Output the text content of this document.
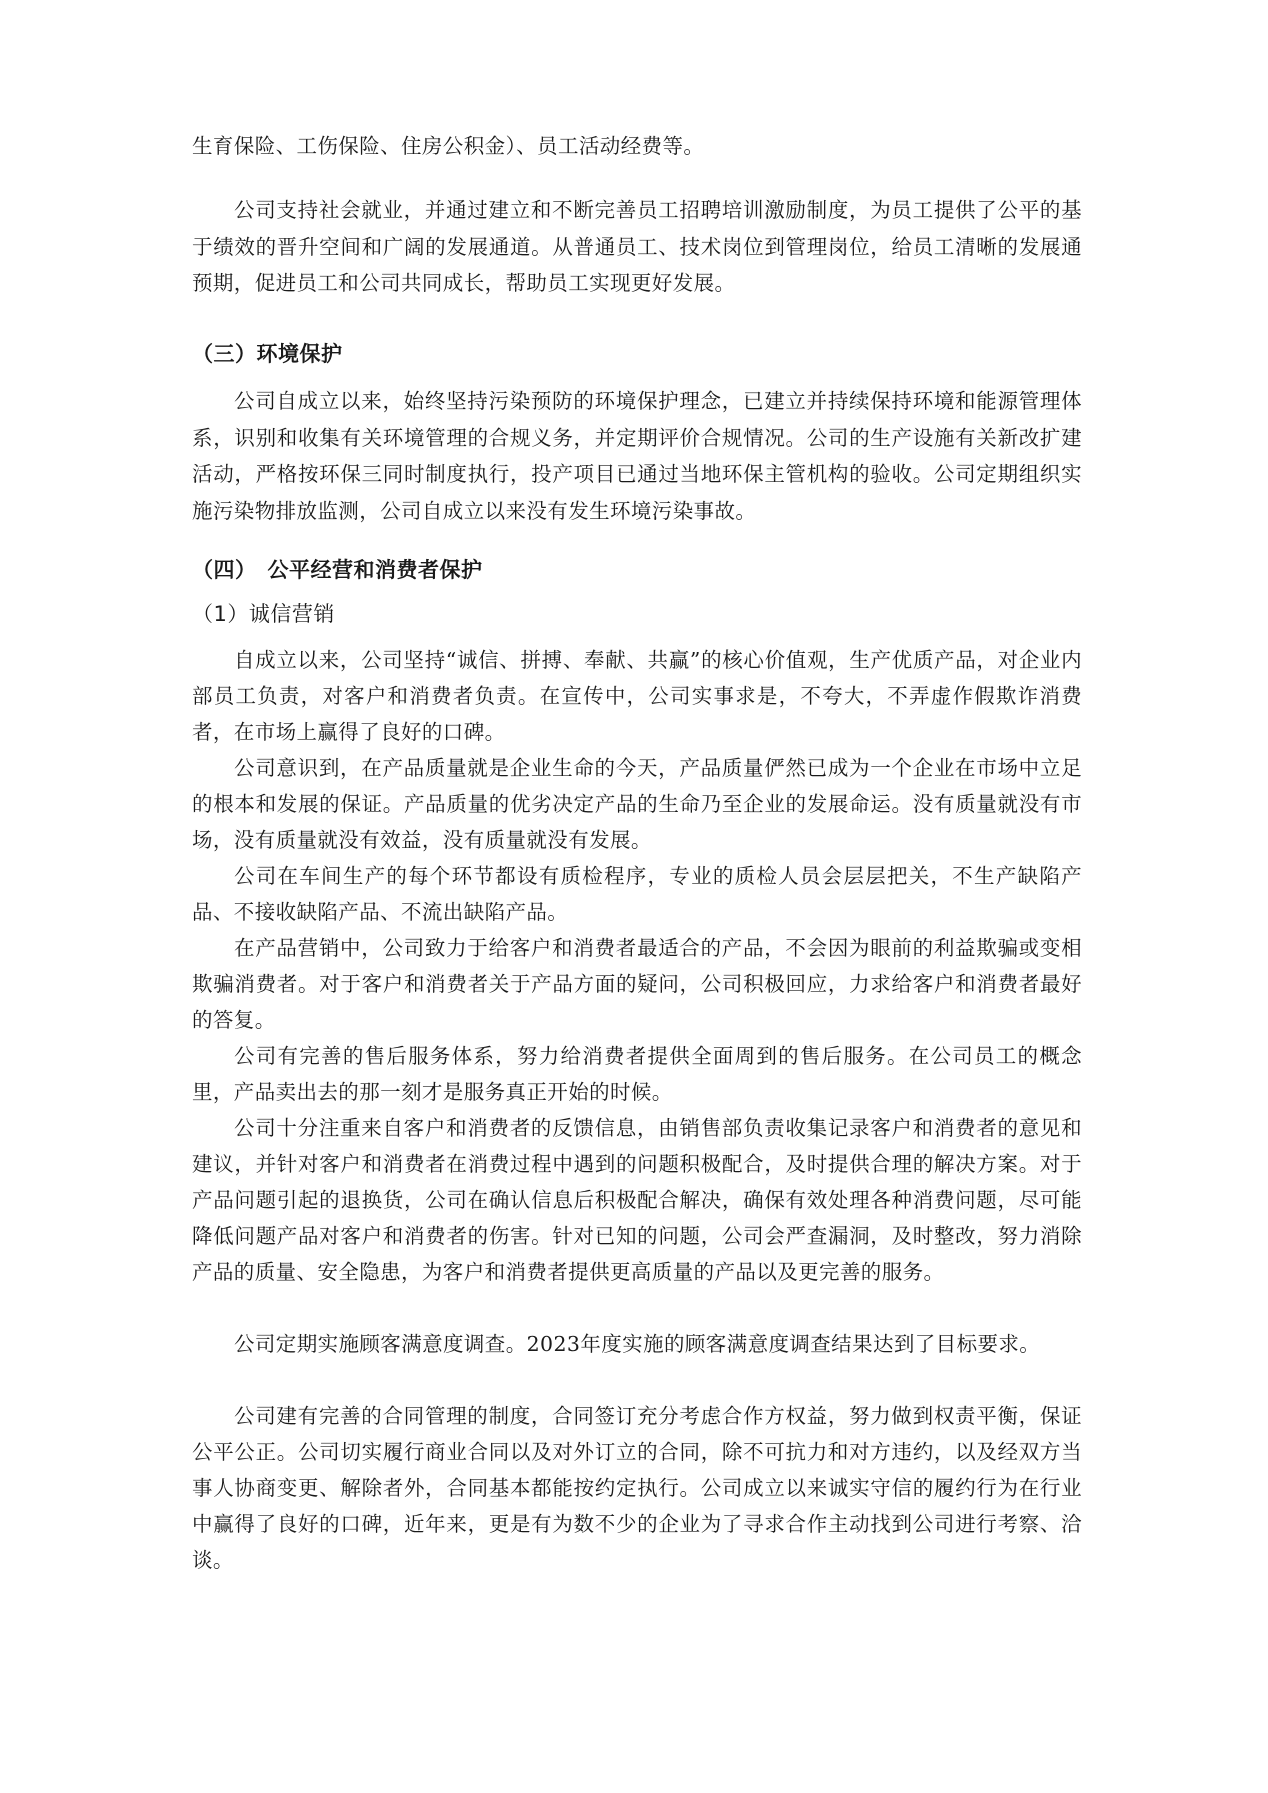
生育保险、工伤保险、住房公积金）、员工活动经费等。

公司支持社会就业，并通过建立和不断完善员工招聘培训激励制度，为员工提供了公平的基于绩效的晋升空间和广阔的发展通道。从普通员工、技术岗位到管理岗位，给员工清晰的发展通预期，促进员工和公司共同成长，帮助员工实现更好发展。

（三）环境保护

公司自成立以来，始终坚持污染预防的环境保护理念，已建立并持续保持环境和能源管理体系，识别和收集有关环境管理的合规义务，并定期评价合规情况。公司的生产设施有关新改扩建活动，严格按环保三同时制度执行，投产项目已通过当地环保主管机构的验收。公司定期组织实施污染物排放监测，公司自成立以来没有发生环境污染事故。

（四）　公平经营和消费者保护
（1）诚信营销

自成立以来，公司坚持“诚信、拼搏、奉献、共赢”的核心价值观，生产优质产品，对企业内部员工负责，对客户和消费者负责。在宣传中，公司实事求是，不夸大，不弄虚作假欺诈消费者，在市场上赢得了良好的口碑。

公司意识到，在产品质量就是企业生命的今天，产品质量俨然已成为一个企业在市场中立足的根本和发展的保证。产品质量的优劣决定产品的生命乃至企业的发展命运。没有质量就没有市场，没有质量就没有效益，没有质量就没有发展。

公司在车间生产的每个环节都设有质检程序，专业的质检人员会层层把关，不生产缺陷产品、不接收缺陷产品、不流出缺陷产品。

在产品营销中，公司致力于给客户和消费者最适合的产品，不会因为眼前的利益欺骗或变相欺骗消费者。对于客户和消费者关于产品方面的疑问，公司积极回应，力求给客户和消费者最好的答复。

公司有完善的售后服务体系，努力给消费者提供全面周到的售后服务。在公司员工的概念里，产品卖出去的那一刻才是服务真正开始的时候。

公司十分注重来自客户和消费者的反馈信息，由销售部负责收集记录客户和消费者的意见和建议，并针对客户和消费者在消费过程中遇到的问题积极配合，及时提供合理的解决方案。对于产品问题引起的退换货，公司在确认信息后积极配合解决，确保有效处理各种消费问题，尽可能降低问题产品对客户和消费者的伤害。针对已知的问题，公司会严查漏洞，及时整改，努力消除产品的质量、安全隐患，为客户和消费者提供更高质量的产品以及更完善的服务。

公司定期实施顾客满意度调查。2023年度实施的顾客满意度调查结果达到了目标要求。

公司建有完善的合同管理的制度，合同签订充分考虑合作方权益，努力做到权责平衡，保证公平公正。公司切实履行商业合同以及对外订立的合同，除不可抗力和对方违约，以及经双方当事人协商变更、解除者外，合同基本都能按约定执行。公司成立以来诚实守信的履约行为在行业中赢得了良好的口碑，近年来，更是有为数不少的企业为了寻求合作主动找到公司进行考察、洽谈。
